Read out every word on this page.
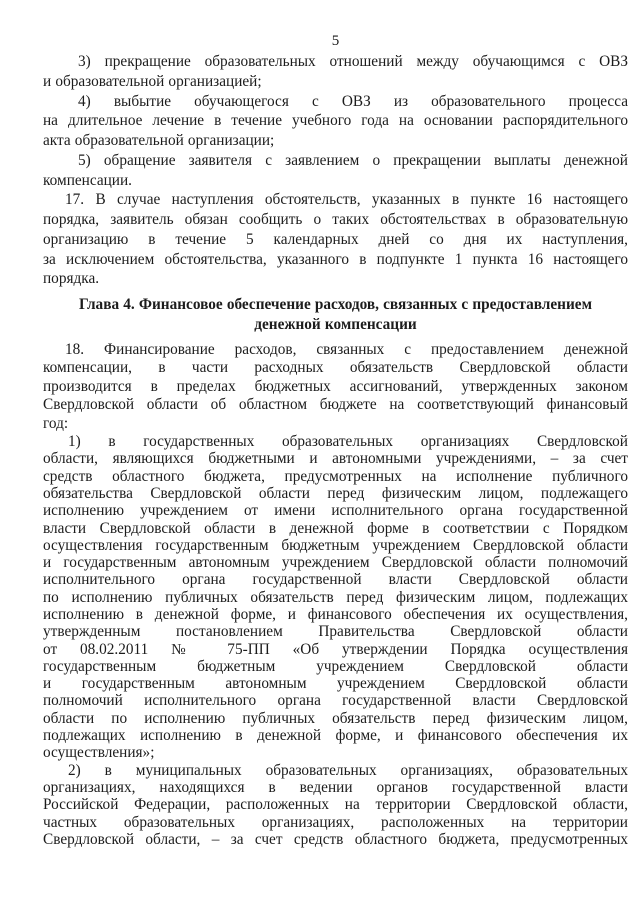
5
3) прекращение образовательных отношений между обучающимся с ОВЗ
и образовательной организацией;
4) выбытие обучающегося с ОВЗ из образовательного процесса
на длительное лечение в течение учебного года на основании распорядительного
акта образовательной организации;
5) обращение заявителя с заявлением о прекращении выплаты денежной
компенсации.
17. В случае наступления обстоятельств, указанных в пункте 16 настоящего
порядка, заявитель обязан сообщить о таких обстоятельствах в образовательную
организацию в течение 5 календарных дней со дня их наступления,
за исключением обстоятельства, указанного в подпункте 1 пункта 16 настоящего
порядка.
Глава 4. Финансовое обеспечение расходов, связанных с предоставлением
денежной компенсации
18. Финансирование расходов, связанных с предоставлением денежной
компенсации, в части расходных обязательств Свердловской области
производится в пределах бюджетных ассигнований, утвержденных законом
Свердловской области об областном бюджете на соответствующий финансовый
год:
1) в государственных образовательных организациях Свердловской
области, являющихся бюджетными и автономными учреждениями, – за счет
средств областного бюджета, предусмотренных на исполнение публичного
обязательства Свердловской области перед физическим лицом, подлежащего
исполнению учреждением от имени исполнительного органа государственной
власти Свердловской области в денежной форме в соответствии с Порядком
осуществления государственным бюджетным учреждением Свердловской области
и государственным автономным учреждением Свердловской области полномочий
исполнительного органа государственной власти Свердловской области
по исполнению публичных обязательств перед физическим лицом, подлежащих
исполнению в денежной форме, и финансового обеспечения их осуществления,
утвержденным постановлением Правительства Свердловской области
от 08.02.2011 № 75-ПП «Об утверждении Порядка осуществления
государственным бюджетным учреждением Свердловской области
и государственным автономным учреждением Свердловской области
полномочий исполнительного органа государственной власти Свердловской
области по исполнению публичных обязательств перед физическим лицом,
подлежащих исполнению в денежной форме, и финансового обеспечения их
осуществления»;
2) в муниципальных образовательных организациях, образовательных
организациях, находящихся в ведении органов государственной власти
Российской Федерации, расположенных на территории Свердловской области,
частных образовательных организациях, расположенных на территории
Свердловской области, – за счет средств областного бюджета, предусмотренных
